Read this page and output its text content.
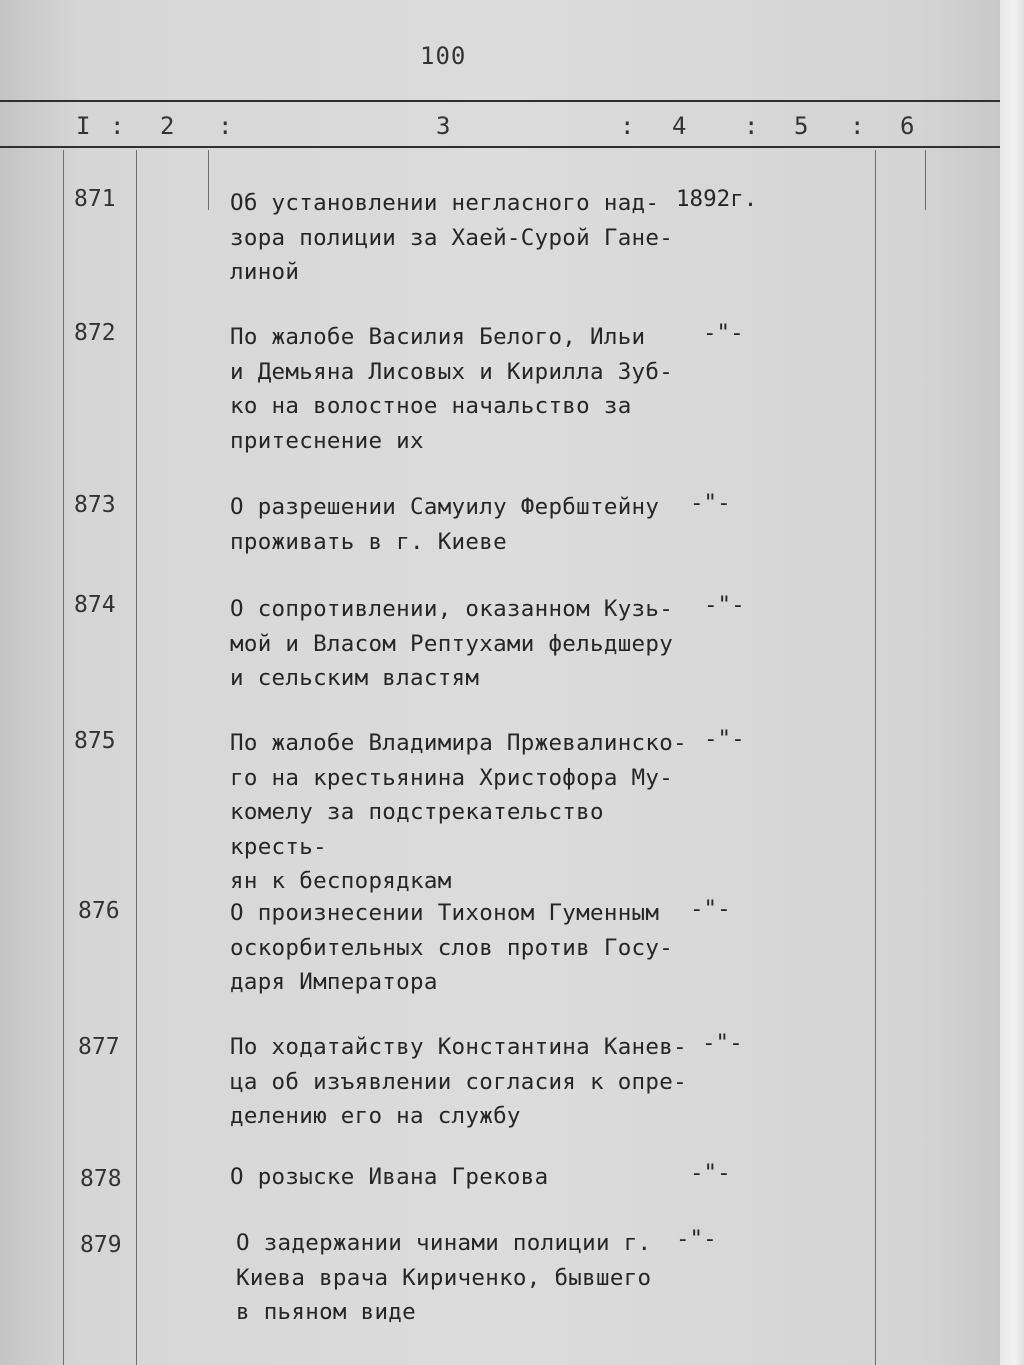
100
I : 2 :	3	: 4 : 5 : 6
871	Об установлении негласного над-
зора полиции за Хаей-Сурой Гане-
линой
1892г.
872	По жалобе Василия Белого, Ильи
и Демьяна Лисовых и Кирилла Зуб-
ко на волостное начальство за
притеснение их
-"-
873	О разрешении Самуилу Фербштейну
проживать в г. Киеве
-"-
874	О сопротивлении, оказанном Кузь-
мой и Власом Рептухами фельдшеру
и сельским властям
-"-
875	По жалобе Владимира Пржевалинско-
го на крестьянина Христофора Му-
комелу за подстрекательство кресть-
ян к беспорядкам
-"-
876	О произнесении Тихоном Гуменным
оскорбительных слов против Госу-
даря Императора
-"-
877	По ходатайству Константина Канев-
ца об изъявлении согласия к опре-
делению его на службу
-"-
878	О розыске Ивана Грекова	-"-
879	О задержании чинами полиции г.
Киева врача Кириченко, бывшего
в пьяном виде
-"-
